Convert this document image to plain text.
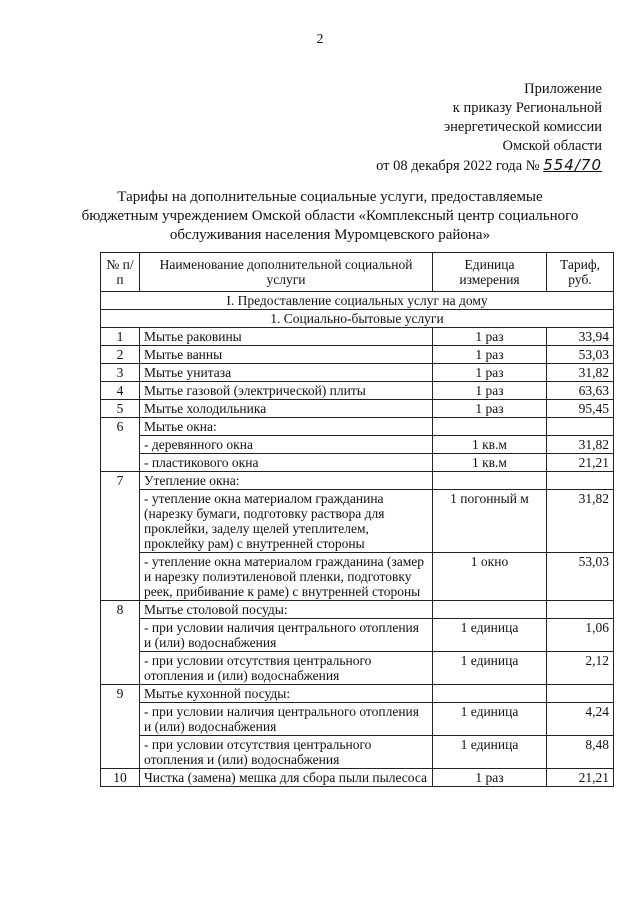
2
Приложение
к приказу Региональной
энергетической комиссии
Омской области
от 08 декабря 2022 года № 554/70
Тарифы на дополнительные социальные услуги, предоставляемые бюджетным учреждением Омской области «Комплексный центр социального обслуживания населения Муромцевского района»
№ п/п	Наименование дополнительной социальной услуги	Единица измерения	Тариф, руб.
I. Предоставление социальных услуг на дому			
1. Социально-бытовые услуги			
1	Мытье раковины	1 раз	33,94
2	Мытье ванны	1 раз	53,03
3	Мытье унитаза	1 раз	31,82
4	Мытье газовой (электрической) плиты	1 раз	63,63
5	Мытье холодильника	1 раз	95,45
6	Мытье окна:		
	- деревянного окна	1 кв.м	31,82
	- пластикового окна	1 кв.м	21,21
7	Утепление окна:		
	- утепление окна материалом гражданина (нарезку бумаги, подготовку раствора для проклейки, заделу щелей утеплителем, проклейку рам) с внутренней стороны	1 погонный м	31,82
	- утепление окна материалом гражданина (замер и нарезку полиэтиленовой пленки, подготовку реек, прибивание к раме) с внутренней стороны	1 окно	53,03
8	Мытье столовой посуды:		
	- при условии наличия центрального отопления и (или) водоснабжения	1 единица	1,06
	- при условии отсутствия центрального отопления и (или) водоснабжения	1 единица	2,12
9	Мытье кухонной посуды:		
	- при условии наличия центрального отопления и (или) водоснабжения	1 единица	4,24
	- при условии отсутствия центрального отопления и (или) водоснабжения	1 единица	8,48
10	Чистка (замена) мешка для сбора пыли пылесоса	1 раз	21,21
